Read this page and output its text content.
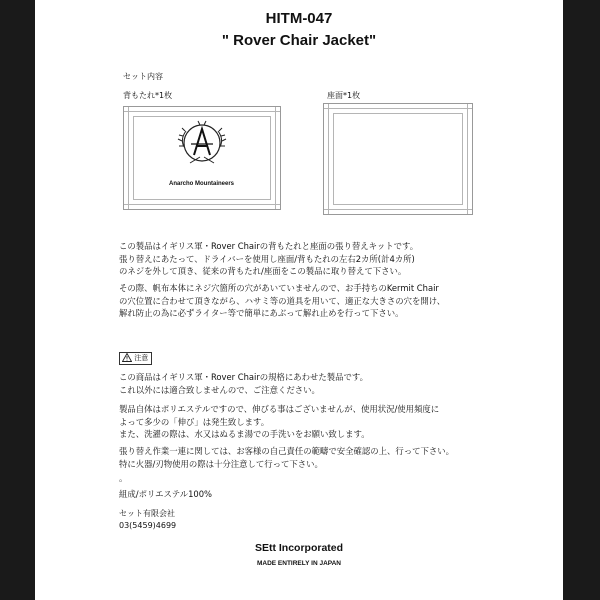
HITM-047
" Rover Chair Jacket"
セット内容
背もたれ*1枚	座面*1枚
Anarcho Mountaineers

この製品はイギリス軍・Rover Chairの背もたれと座面の張り替えキットです。

張り替えにあたって、ドライバーを使用し座面/背もたれの左右2カ所(計4カ所)

のネジを外して頂き、従来の背もたれ/座面をこの製品に取り替えて下さい。

その際、帆布本体にネジ穴箇所の穴があいていませんので、お手持ちのKermit Chair

の穴位置に合わせて頂きながら、ハサミ等の道具を用いて、適正な大きさの穴を開け、

解れ防止の為に必ずライター等で簡単にあぶって解れ止めを行って下さい。

注意

この商品はイギリス軍・Rover Chairの規格にあわせた製品です。

これ以外には適合致しませんので、ご注意ください。

製品自体はポリエステルですので、伸びる事はございませんが、使用状況/使用頻度に

よって多少の「伸び」は発生致します。

また、洗濯の際は、水又はぬるま湯での手洗いをお願い致します。

張り替え作業一連に関しては、お客様の自己責任の範疇で安全確認の上、行って下さい。

特に火器/刃物使用の際は十分注意して行って下さい。

。
組成/ポリエステル100%
セット有限会社
03(5459)4699
SEtt Incorporated
MADE ENTIRELY IN JAPAN
